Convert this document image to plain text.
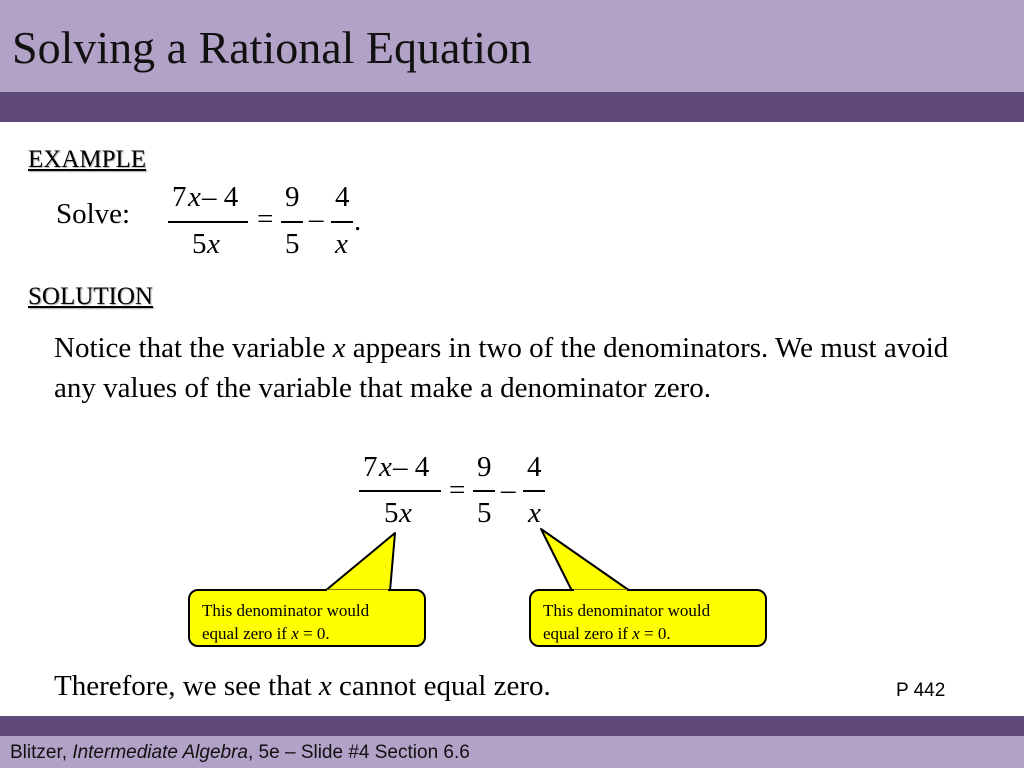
Solving a Rational Equation
EXAMPLE
Solve:
7 x – 4
5 x
=
9
5
–
4
x
.
SOLUTION
Notice that the variable x appears in two of the denominators. We must avoid any values of the variable that make a denominator zero.
7 x – 4
5 x
=
9
5
–
4
x
This denominator would
equal zero if x = 0.
This denominator would
equal zero if x = 0.
Therefore, we see that x cannot equal zero.	P 442
Blitzer, Intermediate Algebra, 5e – Slide #4 Section 6.6
